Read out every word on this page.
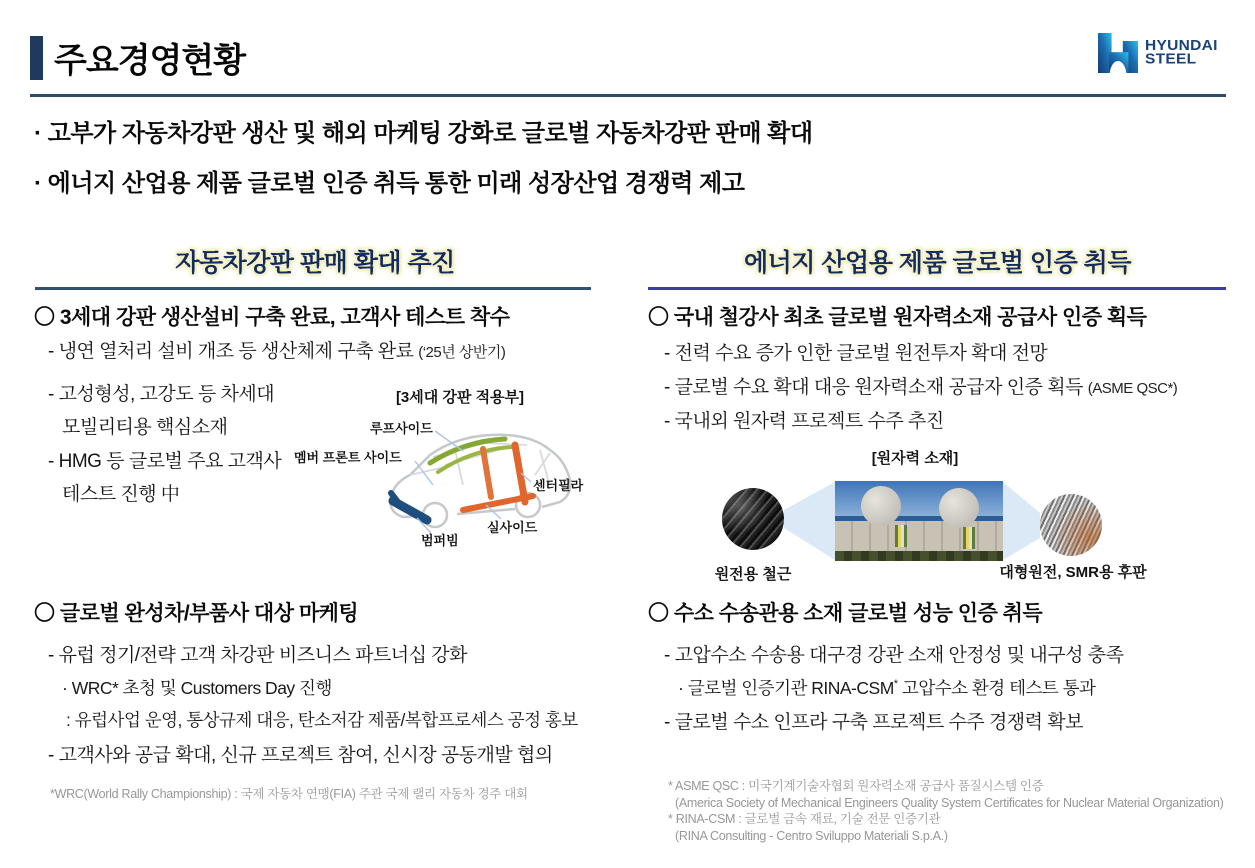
주요경영현황	HYUNDAI
STEEL
· 고부가 자동차강판 생산 및 해외 마케팅 강화로 글로벌 자동차강판 판매 확대
· 에너지 산업용 제품 글로벌 인증 취득 통한 미래 성장산업 경쟁력 제고
자동차강판 판매 확대 추진	에너지 산업용 제품 글로벌 인증 취득
〇 3세대 강판 생산설비 구축 완료, 고객사 테스트 착수
- 냉연 열처리 설비 개조 등 생산체제 구축 완료 (‘25년 상반기)
- 고성형성, 고강도 등 차세대
모빌리티용 핵심소재
- HMG 등 글로벌 주요 고객사
테스트 진행 中
[3세대 강판 적용부]
루프사이드
멤버 프론트 사이드
센터필라
실사이드
범퍼빔
〇 글로벌 완성차/부품사 대상 마케팅
- 유럽 정기/전략 고객 차강판 비즈니스 파트너십 강화
· WRC* 초청 및 Customers Day 진행
: 유럽사업 운영, 통상규제 대응, 탄소저감 제품/복합프로세스 공정 홍보
- 고객사와 공급 확대, 신규 프로젝트 참여, 신시장 공동개발 협의
*WRC(World Rally Championship) : 국제 자동차 연맹(FIA) 주관 국제 랠리 자동차 경주 대회
〇 국내 철강사 최초 글로벌 원자력소재 공급사 인증 획득
- 전력 수요 증가 인한 글로벌 원전투자 확대 전망
- 글로벌 수요 확대 대응 원자력소재 공급자 인증 획득 (ASME QSC*)
- 국내외 원자력 프로젝트 수주 추진
[원자력 소재]
원전용 철근	대형원전, SMR용 후판
〇 수소 수송관용 소재 글로벌 성능 인증 취득
- 고압수소 수송용 대구경 강관 소재 안정성 및 내구성 충족
· 글로벌 인증기관 RINA-CSM* 고압수소 환경 테스트 통과
- 글로벌 수소 인프라 구축 프로젝트 수주 경쟁력 확보
* ASME QSC : 미국기계기술자협회 원자력소재 공급사 품질시스템 인증
(America Society of Mechanical Engineers Quality System Certificates for Nuclear Material Organization)
* RINA-CSM : 글로벌 금속 재료, 기술 전문 인증기관
(RINA Consulting - Centro Sviluppo Materiali S.p.A.)
